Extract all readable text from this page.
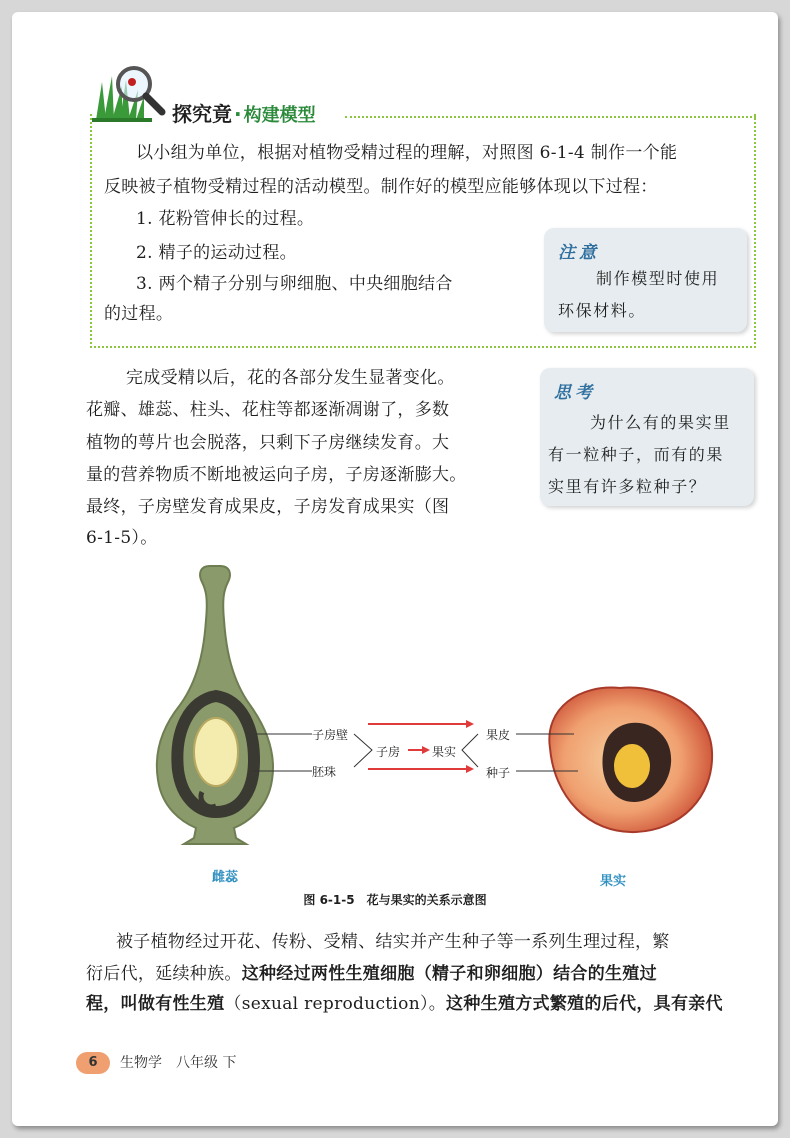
探究竟 · 构建模型
以小组为单位，根据对植物受精过程的理解，对照图 6-1-4 制作一个能
反映被子植物受精过程的活动模型。制作好的模型应能够体现以下过程：
1. 花粉管伸长的过程。
2. 精子的运动过程。
3. 两个精子分别与卵细胞、中央细胞结合
的过程。
注意
制作模型时使用
环保材料。
完成受精以后，花的各部分发生显著变化。
花瓣、雄蕊、柱头、花柱等都逐渐凋谢了，多数
植物的萼片也会脱落，只剩下子房继续发育。大
量的营养物质不断地被运向子房，子房逐渐膨大。
最终，子房壁发育成果皮，子房发育成果实（图
6-1-5）。
思考
为什么有的果实里
有一粒种子，而有的果
实里有许多粒种子？
子房壁
胚珠
子房	果实
果皮
种子
雌蕊	果实
图 6-1-5　花与果实的关系示意图
被子植物经过开花、传粉、受精、结实并产生种子等一系列生理过程，繁
衍后代，延续种族。这种经过两性生殖细胞（精子和卵细胞）结合的生殖过
程，叫做有性生殖（sexual reproduction）。这种生殖方式繁殖的后代，具有亲代
6	生物学　八年级 下
